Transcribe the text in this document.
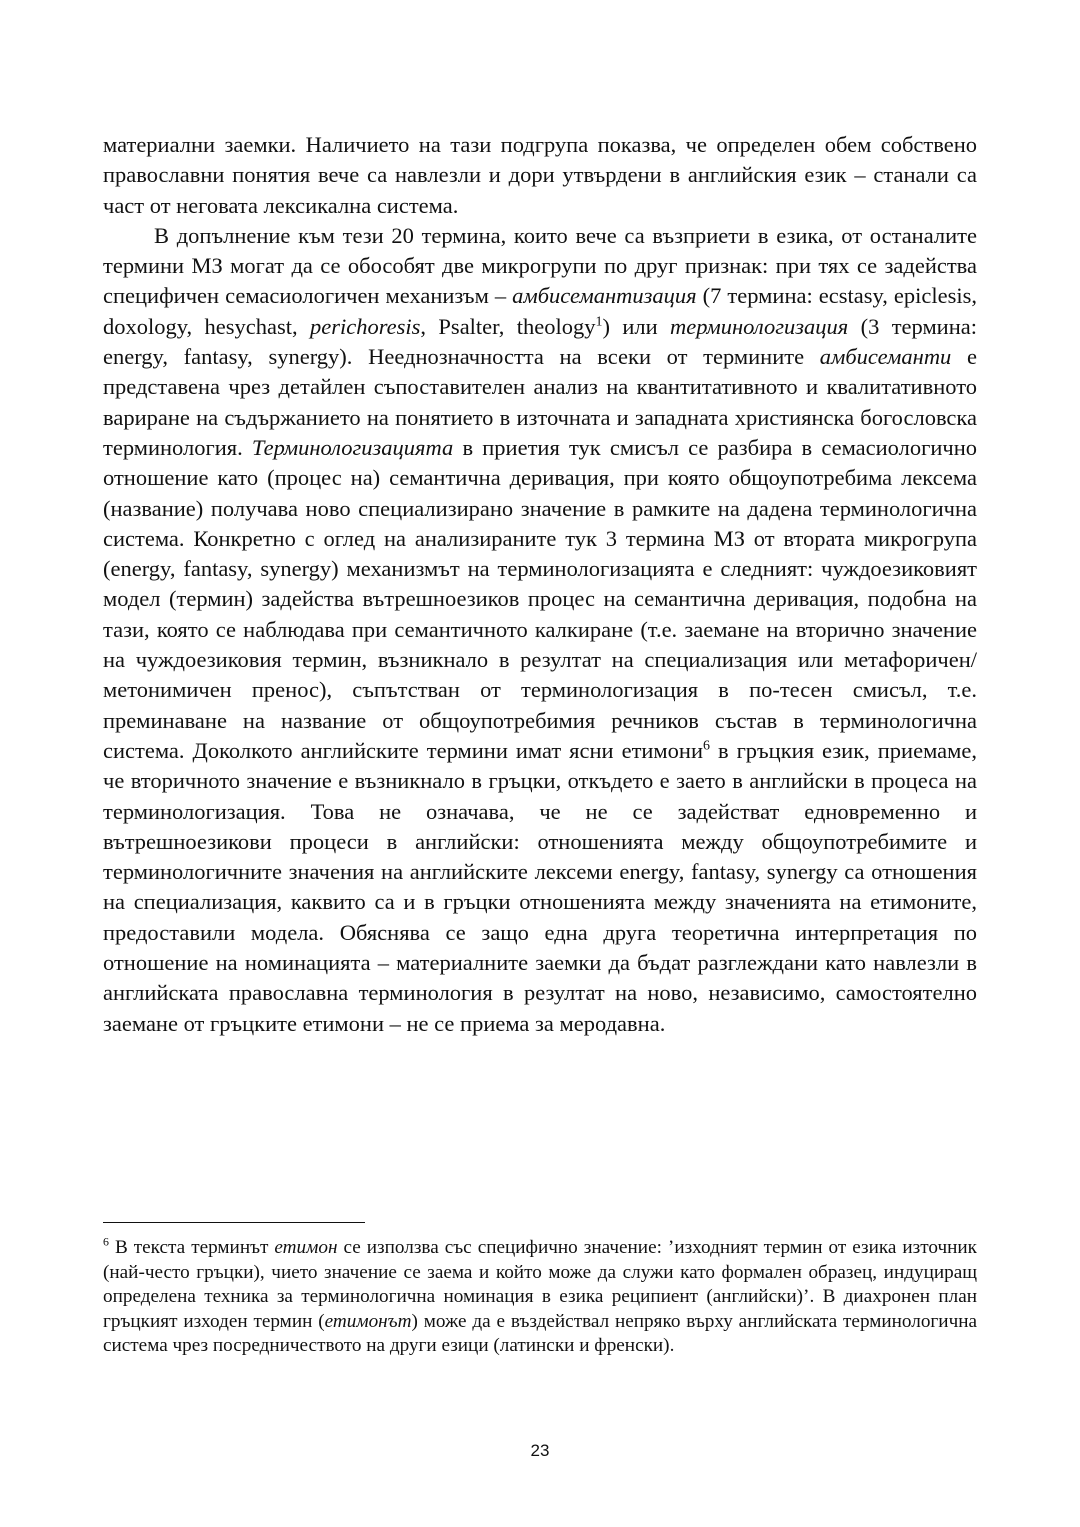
материални заемки. Наличието на тази подгрупа показва, че определен обем собствено православни понятия вече са навлезли и дори утвърдени в английския език – станали са част от неговата лексикална система.

В допълнение към тези 20 термина, които вече са възприети в езика, от останалите термини МЗ могат да се обособят две микрогрупи по друг признак: при тях се задейства специфичен семасиологичен механизъм – амбисемантизация (7 термина: ecstasy, epiclesis, doxology, hesychast, perichoresis, Psalter, theology$^1$) или терминологизация (3 термина: energy, fantasy, synergy). Нееднозначността на всеки от термините амбисеманти е представена чрез детайлен съпоставителен анализ на квантитативното и квалитативното вариране на съдържанието на понятието в източната и западната християнска богословска терминология. Терминологизацията в приетия тук смисъл се разбира в семасиологично отношение като (процес на) семантична деривация, при която общоупотребима лексема (название) получава ново специализирано значение в рамките на дадена терминологична система. Конкретно с оглед на анализираните тук 3 термина МЗ от втората микрогрупа (energy, fantasy, synergy) механизмът на терминологизацията е следният: чуждоезиковият модел (термин) задейства вътрешноезиков процес на семантична деривация, подобна на тази, която се наблюдава при семантичното калкиране (т.е. заемане на вторично значение на чуждоезиковия термин, възникнало в резултат на специализация или метафоричен/метонимичен пренос), съпътстван от терминологизация в по-тесен смисъл, т.е. преминаване на название от общоупотребимия речников състав в терминологична система. Доколкото английските термини имат ясни етимони$^6$ в гръцкия език, приемаме, че вторичното значение е възникнало в гръцки, откъдето е заето в английски в процеса на терминологизация. Това не означава, че не се задействат едновременно и вътрешноезикови процеси в английски: отношенията между общоупотребимите и терминологичните значения на английските лексеми energy, fantasy, synergy са отношения на специализация, каквито са и в гръцки отношенията между значенията на етимоните, предоставили модела. Обяснява се защо една друга теоретична интерпретация по отношение на номинацията – материалните заемки да бъдат разглеждани като навлезли в английската православна терминология в резултат на ново, независимо, самостоятелно заемане от гръцките етимони – не се приема за меродавна.

$^6$ В текста терминът етимон се използва със специфично значение: ’изходният термин от езика източник (най-често гръцки), чието значение се заема и който може да служи като формален образец, индуциращ определена техника за терминологична номинация в езика реципиент (английски)’. В диахронен план гръцкият изходен термин (етимонът) може да е въздействал непряко върху английската терминологична система чрез посредничеството на други езици (латински и френски).

23
